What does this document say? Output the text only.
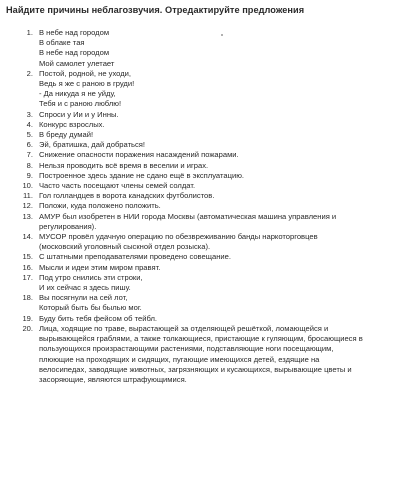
Найдите причины неблагозвучия. Отредактируйте предложения
1. В небе над городом
В облаке тая
В небе над городом
Мой самолет улетает
2. Постой, родной, не уходи,
Ведь я же с раною в груди!
- Да никуда я не уйду,
Тебя и с раною люблю!
3. Спроси у Ии и у Инны.
4. Конкурс взрослых.
5. В бреду думай!
6. Эй, братишка, дай добраться!
7. Снижение опасности поражения насаждений пожарами.
8. Нельзя проводить всё время в веселии и играх.
9. Построенное здесь здание не сдано ещё в эксплуатацию.
10. Часто часть посещают члены семей солдат.
11. Гол голландцев в ворота канадских футболистов.
12. Положи, куда положено положить.
13. АМУР был изобретен в НИИ города Москвы (автоматическая машина управления и
регулирования).
14. МУСОР провёл удачную операцию по обезвреживанию банды наркоторговцев
(московский уголовный сыскной отдел розыска).
15. С штатными преподавателями проведено совещание.
16. Мысли и идеи этим миром правят.
17. Под утро снились эти строки,
И их сейчас я здесь пишу.
18. Вы посягнули на сей лот,
Который быть бы былью мог.
19. Буду бить тебя фейсом об тейбл.
20. Лица, ходящие по траве, вырастающей за отделяющей решёткой, ломающейся и
вырывающейся граблями, а также толкающиеся, пристающие к гуляющим, бросающиеся в
пользующихся произрастающими растениями, подставляющие ноги посещающим,
плюющие на проходящих и сидящих, пугающие имеющихся детей, ездящие на
велосипедах, заводящие животных, загрязняющих и кусающихся, вырывающие цветы и
засоряющие, являются штрафующимися.
